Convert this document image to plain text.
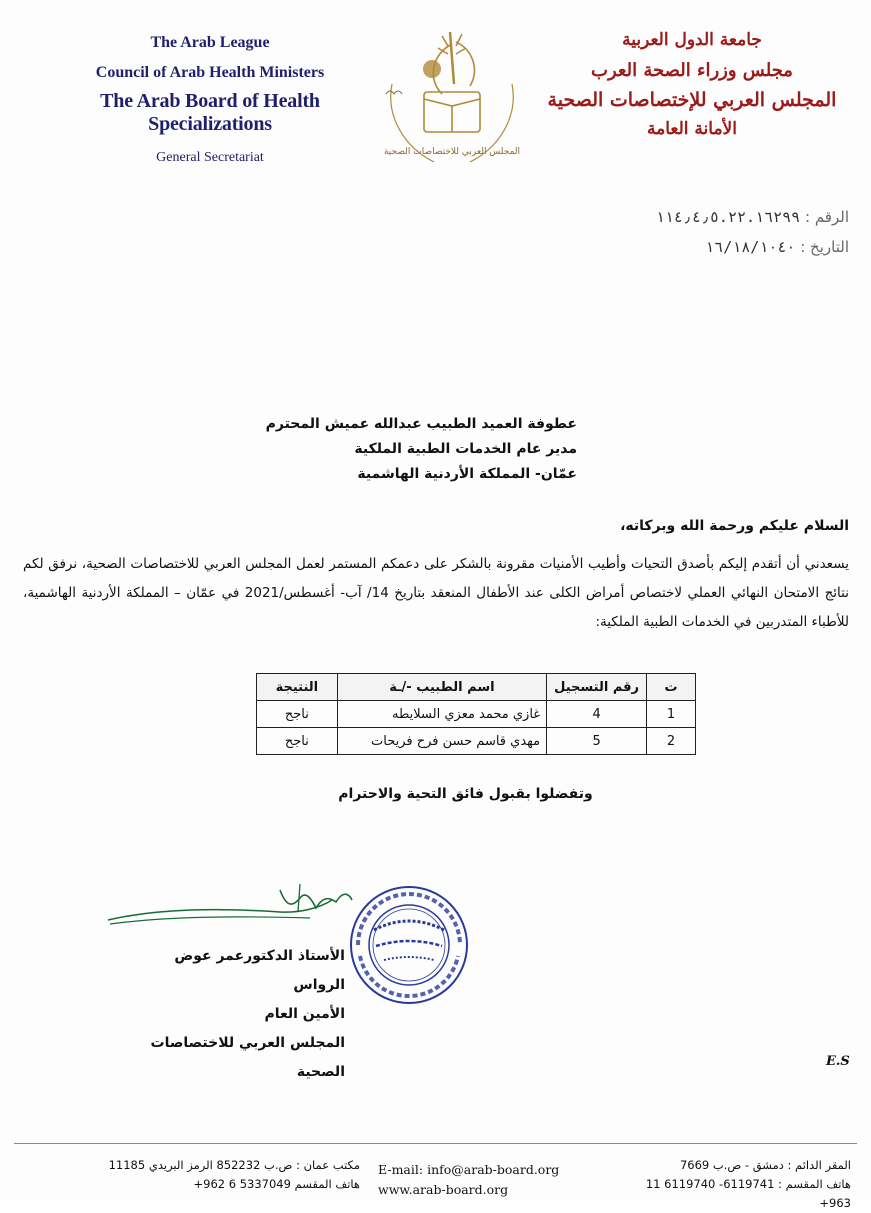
The Arab League
Council of Arab Health Ministers
The Arab Board of Health Specializations
General Secretariat	المجلس العربي للاختصاصات الصحية
جامعة الدول العربية
مجلس وزراء الصحة العرب
المجلس العربي للإختصاصات الصحية
الأمانة العامة
الرقم : ١١٤٫٤٫٥.٢٢.١٦٢٩٩
التاريخ : ١٦/١٨/١٠٤٠
عطوفة العميد الطبيب عبدالله عميش المحترم
مدير عام الخدمات الطبية الملكية
عمّان- المملكة الأردنية الهاشمية
السلام عليكم ورحمة الله وبركاته،
يسعدني أن أتقدم إليكم بأصدق التحيات وأطيب الأمنيات مقرونة بالشكر على دعمكم المستمر لعمل المجلس العربي للاختصاصات الصحية، نرفق لكم نتائج الامتحان النهائي العملي لاختصاص أمراض الكلى عند الأطفال المنعقد بتاريخ 14/ آب- أغسطس/2021 في عمّان – المملكة الأردنية الهاشمية، للأطباء المتدربين في الخدمات الطبية الملكية:
ت	رقم التسجيل	اسم الطبيب -/ـة	النتيجة
1	4	غازي محمد معزي السلايطه	ناجح
2	5	مهدي قاسم حسن فرح فريحات	ناجح
وتفضلوا بقبول فائق التحية والاحترام
الأستاذ الدكتورعمر عوض الرواس
الأمين العام
المجلس العربي للاختصاصات الصحية
E.S
مكتب عمان : ص.ب 852232 الرمز البريدي 11185
هاتف المقسم 5337049 6 962+
E-mail: info@arab-board.org
www.arab-board.org
المقر الدائم : دمشق - ص.ب 7669
هاتف المقسم : 6119741- 6119740 11 963+
